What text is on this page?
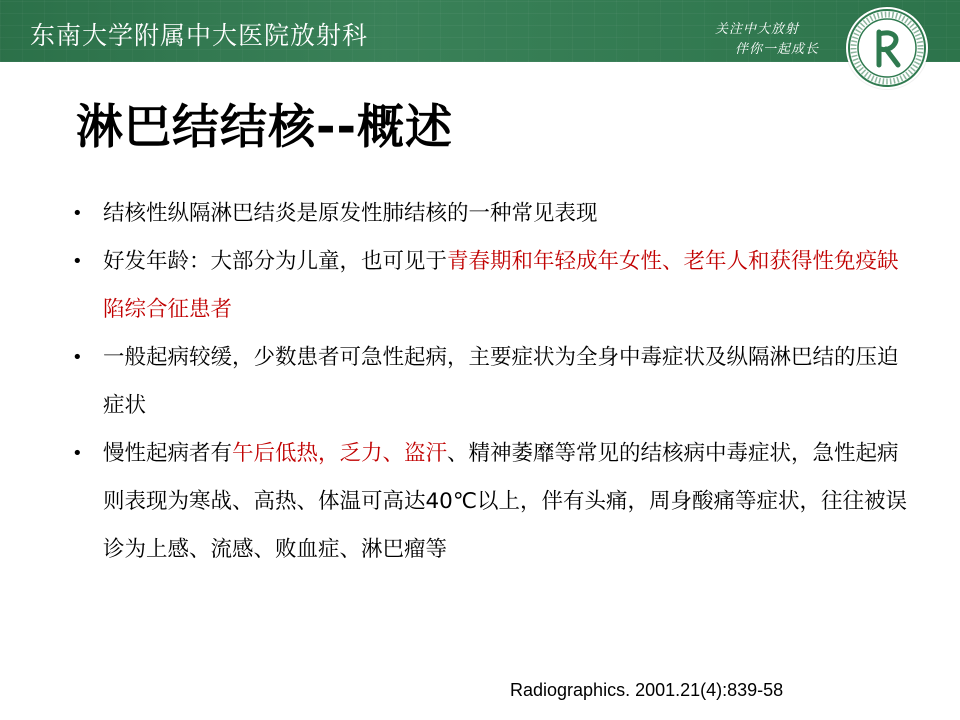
东南大学附属中大医院放射科	关注中大放射
伴你一起成长
淋巴结结核--概述
• 结核性纵隔淋巴结炎是原发性肺结核的一种常见表现
• 好发年龄：大部分为儿童，也可见于青春期和年轻成年女性、老年人和获得性免疫缺陷综合征患者
• 一般起病较缓，少数患者可急性起病，主要症状为全身中毒症状及纵隔淋巴结的压迫症状
• 慢性起病者有午后低热，乏力、盗汗、精神萎靡等常见的结核病中毒症状，急性起病则表现为寒战、高热、体温可高达40℃以上，伴有头痛，周身酸痛等症状，往往被误诊为上感、流感、败血症、淋巴瘤等
Radiographics. 2001.21(4):839-58
